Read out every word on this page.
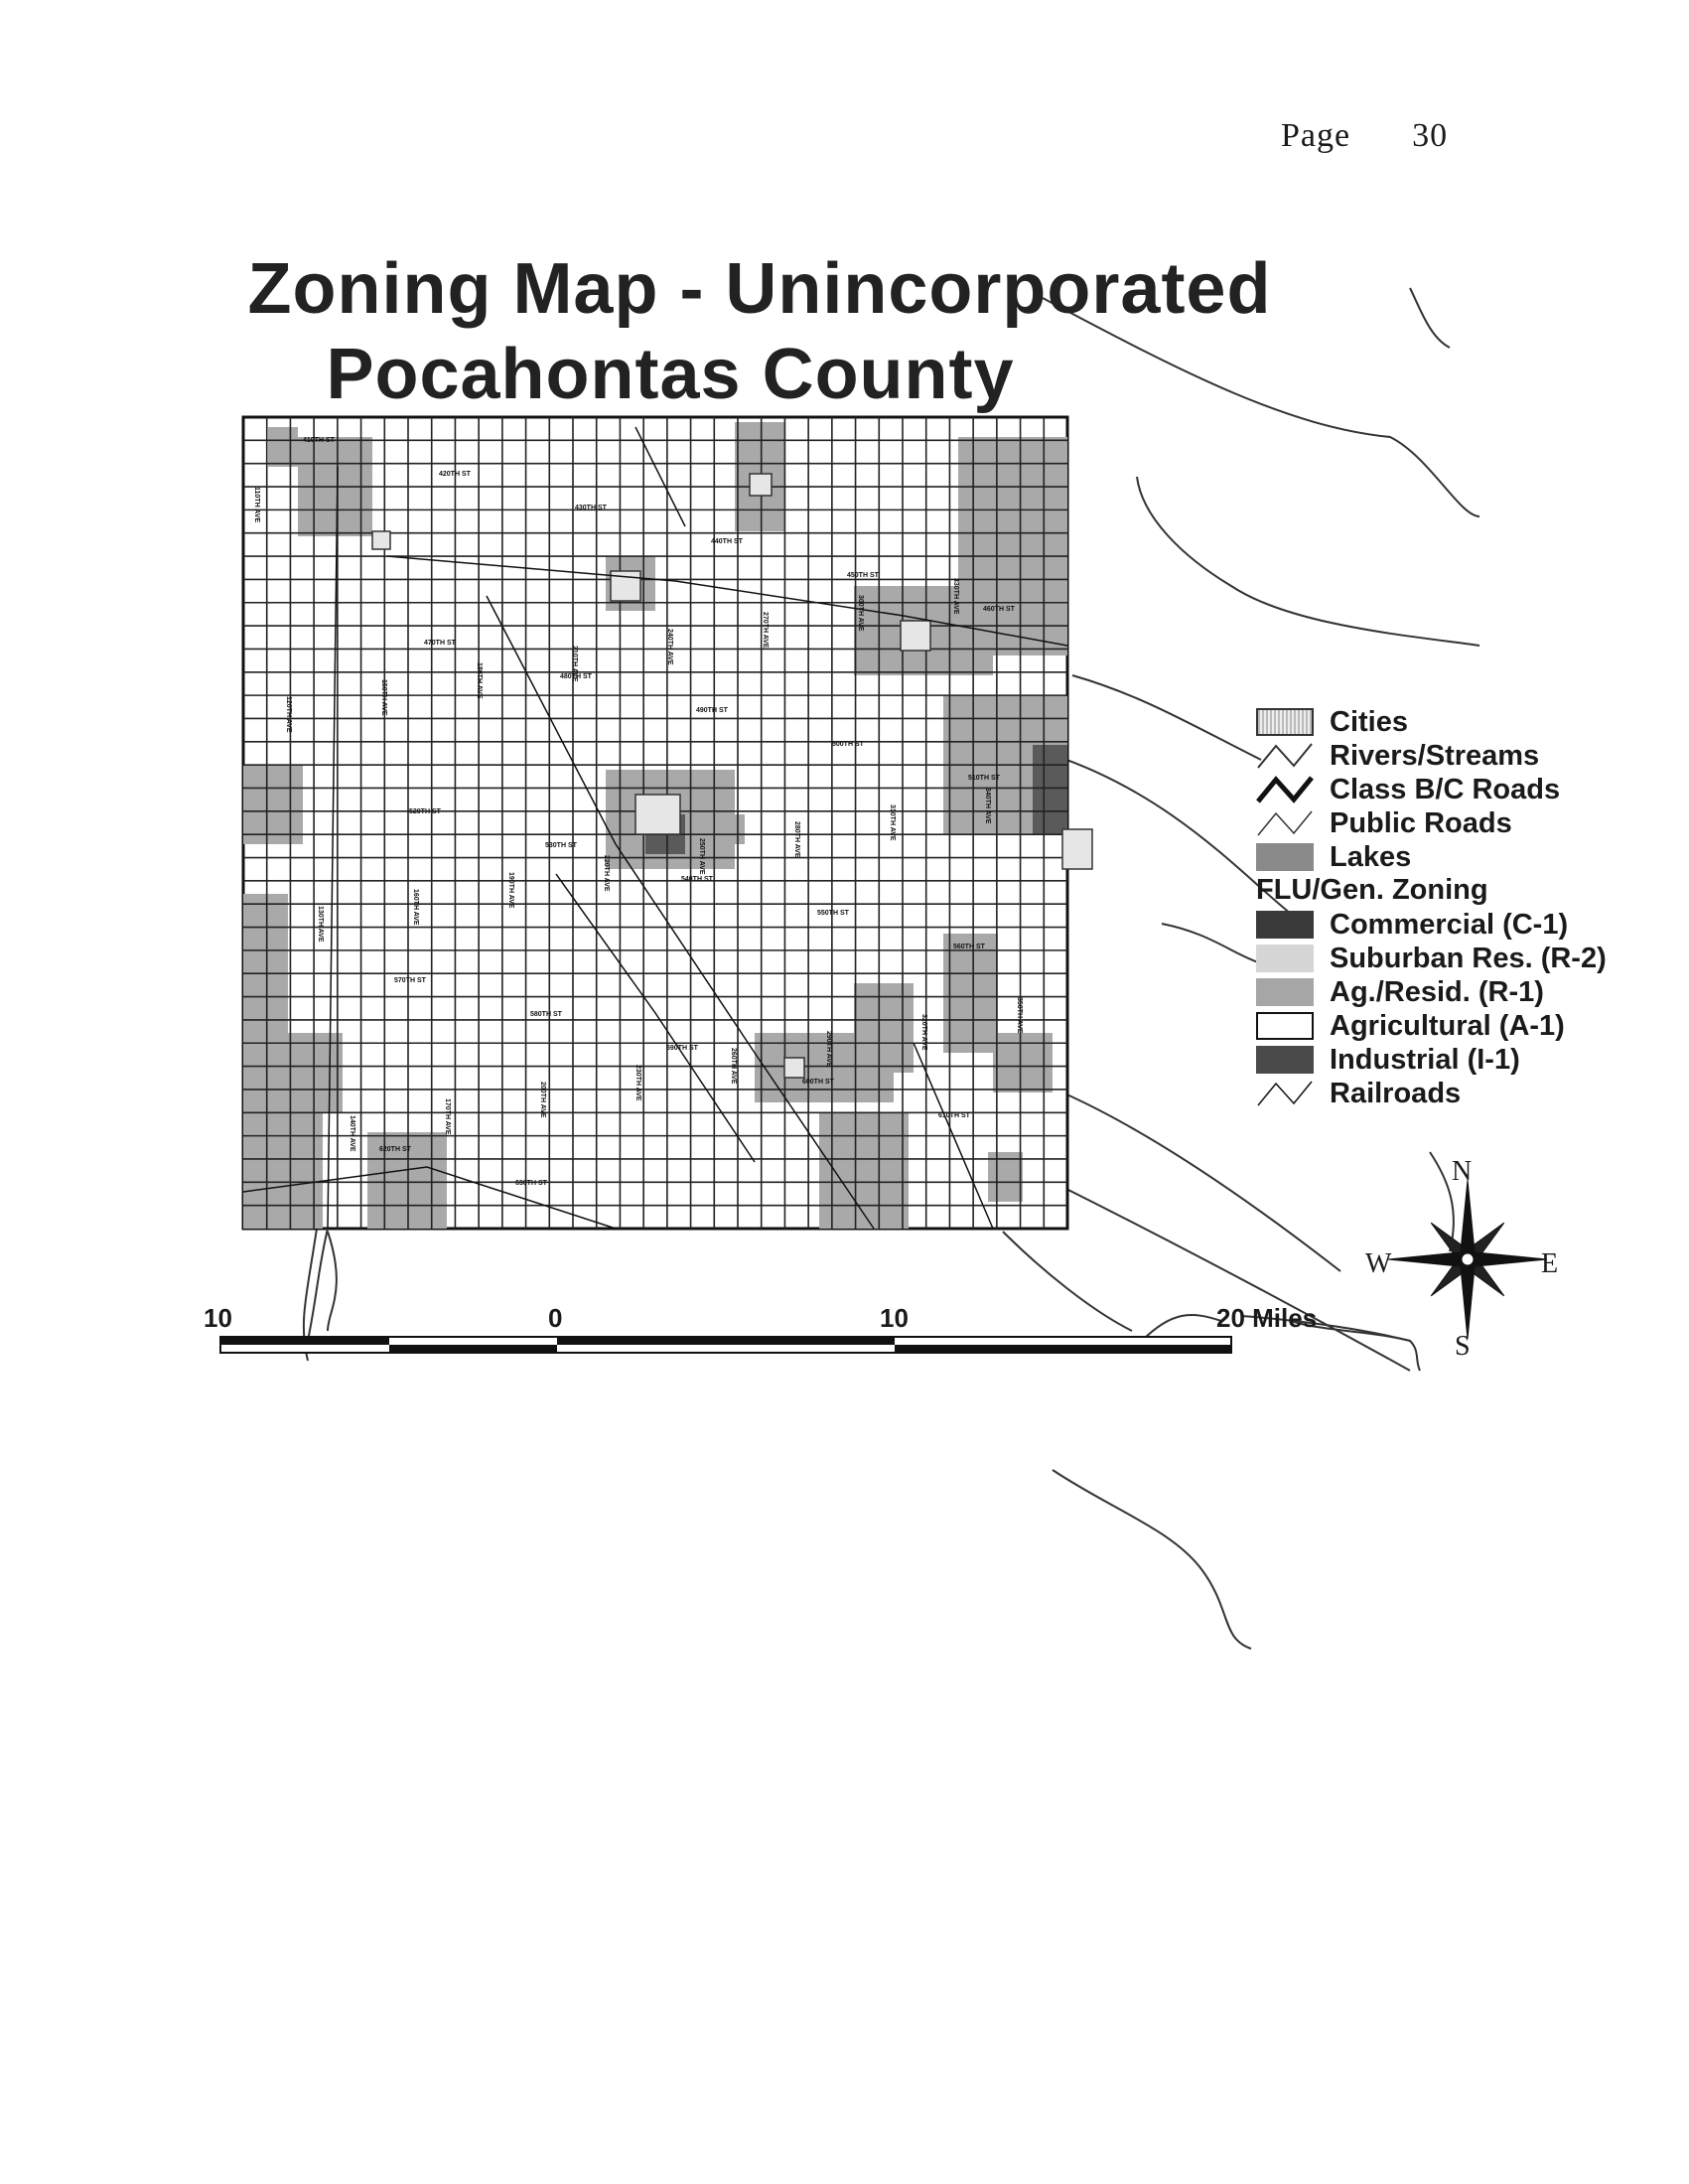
Page 30
410TH ST
420TH ST
430TH ST
440TH ST
450TH ST
460TH ST
470TH ST
480TH ST
490TH ST
500TH ST
510TH ST
520TH ST
530TH ST
540TH ST
550TH ST
560TH ST
570TH ST
580TH ST
590TH ST
600TH ST
610TH ST
620TH ST
630TH ST
110TH AVE
120TH AVE
130TH AVE
140TH AVE
150TH AVE
160TH AVE
170TH AVE
180TH AVE
190TH AVE
200TH AVE
210TH AVE
220TH AVE
230TH AVE
240TH AVE
250TH AVE
260TH AVE
270TH AVE
280TH AVE
290TH AVE
300TH AVE
310TH AVE
320TH AVE
330TH AVE
340TH AVE
350TH AVE
Zoning Map - Unincorporated
Pocahontas County
Cities
Rivers/Streams
Class B/C Roads
Public Roads
Lakes
FLU/Gen. Zoning
Commercial (C-1)
Suburban Res. (R-2)
Ag./Resid. (R-1)
Agricultural (A-1)
Industrial (I-1)
Railroads
10	0	10	20 Miles
N
S
E
W
